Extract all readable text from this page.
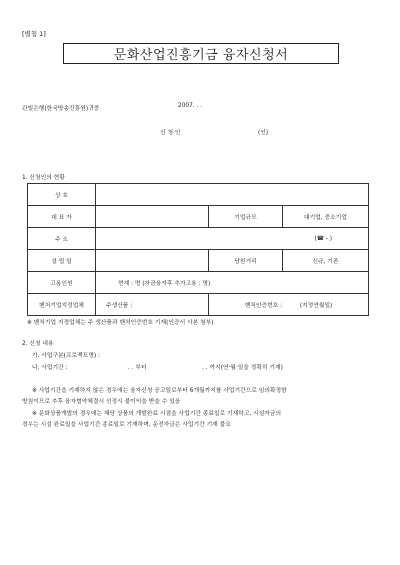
[별첨 1]
문화산업진흥기금 융자신청서
관빌은행(한국방송진흥원)귀중	2007. . .
신 청 인	(인)
1. 신청인의 현황
상 호			
대 표 자		기업규모	대기업, 중소기업
주 소	(☎ - )		
설 립 일		당원거리	신규, 기존
고용인원	현재 : 명 (자금융자후 추가고용 : 명)		
벤처기업지정업체	주생산품 :	벤처인증번호 : (지정연월일)	
※ 벤처기업 지정업체는 주 생산품과 벤처인증번호 기재(인증서 사본 첨부)
2. 신청 내용
가. 사업구분(프로젝트명) :
나. 사업기간 :	. . 부터	. . 까지(연·월·일을 정확히 기재)
※ 사업기간을 기재하지 않은 경우에는 융자신청 공고일로부터 6개월까지를 사업기간으로 임의확정함
방침이므로 추후 융자협약체결시 선정시 불이익을 받을 수 있음
※ 문화상품개발의 경우에는 해당 상품의 개발완료 시점을 사업기간 종료일로 기재하고, 시설자금의
경우는 시설 완료일을 사업기간 종료일로 기재하며, 운전자금은 사업기간 기재 불요
